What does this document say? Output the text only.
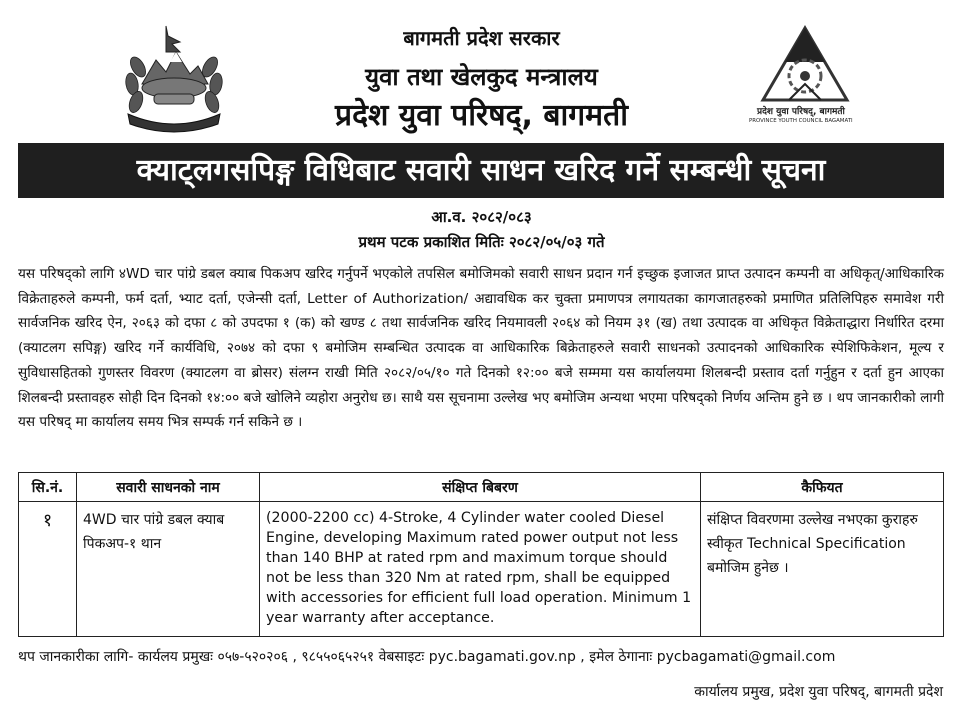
प्रदेश युवा परिषद्, बागमती
PROVINCE YOUTH COUNCIL BAGAMATI
बागमती प्रदेश सरकार
युवा तथा खेलकुद मन्त्रालय
प्रदेश युवा परिषद्, बागमती
क्याट्लगसपिङ्ग विधिबाट सवारी साधन खरिद गर्ने सम्बन्धी सूचना
आ.व. २०८२/०८३
प्रथम पटक प्रकाशित मितिः २०८२/०५/०३ गते
यस परिषद्को लागि ४WD चार पांग्रे डबल क्याब पिकअप खरिद गर्नुपर्ने भएकोले तपसिल बमोजिमको सवारी साधन प्रदान गर्न इच्छुक इजाजत प्राप्त उत्पादन कम्पनी वा अधिकृत्/आधिकारिक विक्रेताहरुले कम्पनी, फर्म दर्ता, भ्याट दर्ता, एजेन्सी दर्ता, Letter of Authorization/ अद्यावधिक कर चुक्ता प्रमाणपत्र लगायतका कागजातहरुको प्रमाणित प्रतिलिपिहरु समावेश गरी सार्वजनिक खरिद ऐन, २०६३ को दफा ८ को उपदफा १ (क) को खण्ड ८ तथा सार्वजनिक खरिद नियमावली २०६४ को नियम ३१ (ख) तथा उत्पादक वा अधिकृत विक्रेताद्धारा निर्धारित दरमा (क्याटलग सपिङ्ग) खरिद गर्ने कार्यविधि, २०७४ को दफा ९ बमोजिम सम्बन्धित उत्पादक वा आधिकारिक बिक्रेताहरुले सवारी साधनको उत्पादनको आधिकारिक स्पेशिफिकेशन, मूल्य र सुविधासहितको गुणस्तर विवरण (क्याटलग वा ब्रोसर) संलग्न राखी मिति २०८२/०५/१० गते दिनको १२:०० बजे सम्ममा यस कार्यालयमा शिलबन्दी प्रस्ताव दर्ता गर्नुहुन र दर्ता हुन आएका शिलबन्दी प्रस्तावहरु सोही दिन दिनको १४:०० बजे खोलिने व्यहोरा अनुरोध छ। साथै यस सूचनामा उल्लेख भए बमोजिम अन्यथा भएमा परिषद्को निर्णय अन्तिम हुने छ । थप जानकारीको लागी यस परिषद् मा कार्यालय समय भित्र सम्पर्क गर्न सकिने छ ।
सि.नं.	सवारी साधनको नाम	संक्षिप्त बिबरण	कैफियत
१	4WD चार पांग्रे डबल क्याब पिकअप-१ थान	(2000-2200 cc) 4-Stroke, 4 Cylinder water cooled Diesel Engine, developing Maximum rated power output not less than 140 BHP at rated rpm and maximum torque should not be less than 320 Nm at rated rpm, shall be equipped with accessories for efficient full load operation. Minimum 1 year warranty after acceptance.	संक्षिप्त विवरणमा उल्लेख नभएका कुराहरु स्वीकृत Technical Specification बमोजिम हुनेछ ।
थप जानकारीका लागि- कार्यलय प्रमुखः ०५७-५२०२०६ , ९८५५०६५२५१ वेबसाइटः pyc.bagamati.gov.np , इमेल ठेगानाः pycbagamati@gmail.com
कार्यालय प्रमुख, प्रदेश युवा परिषद्, बागमती प्रदेश
